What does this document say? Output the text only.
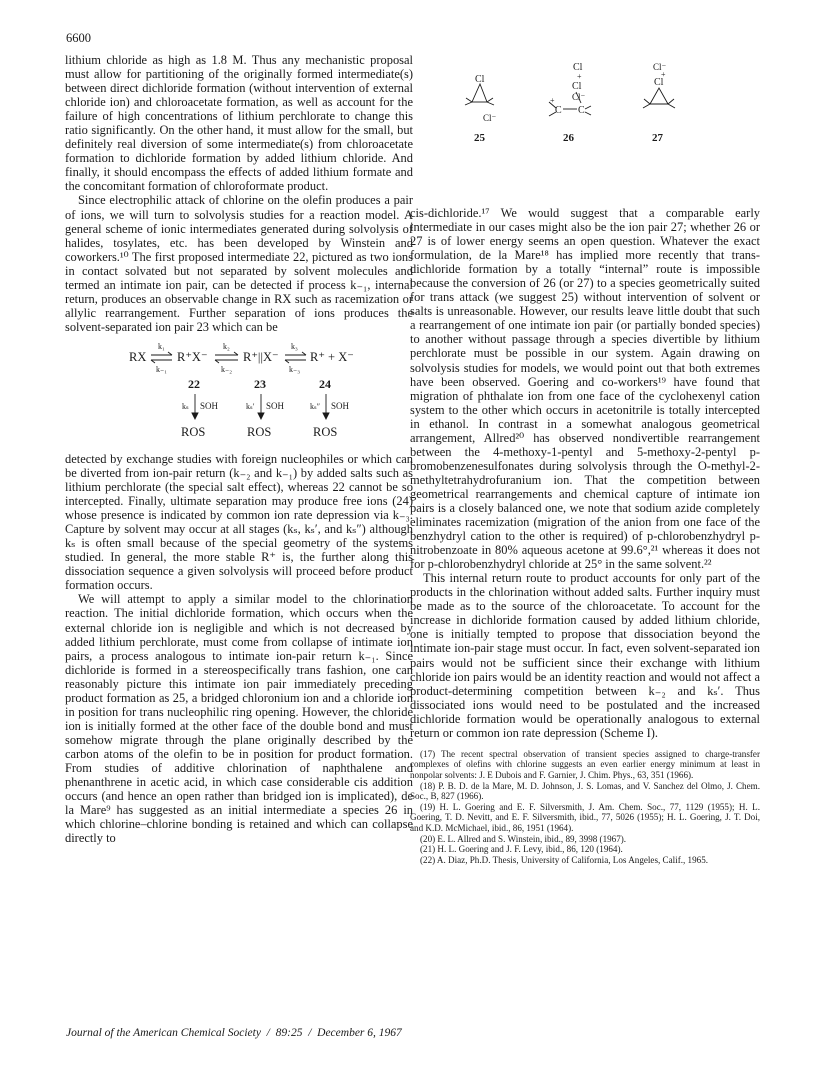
6600

lithium chloride as high as 1.8 M. Thus any mechanistic proposal must allow for partitioning of the originally formed intermediate(s) between direct dichloride formation (without intervention of external chloride ion) and chloroacetate formation, as well as account for the failure of high concentrations of lithium perchlorate to change this ratio significantly. On the other hand, it must allow for the small, but definitely real diversion of some intermediate(s) from chloroacetate formation to dichloride formation by added lithium chloride. And finally, it should encompass the effects of added lithium formate and the concomitant formation of chloroformate product.

Since electrophilic attack of chlorine on the olefin produces a pair of ions, we will turn to solvolysis studies for a reaction model. A general scheme of ionic intermediates generated during solvolysis of halides, tosylates, etc. has been developed by Winstein and coworkers.¹⁰ The first proposed intermediate 22, pictured as two ions in contact solvated but not separated by solvent molecules and termed an intimate ion pair, can be detected if process k₋₁, internal return, produces an observable change in RX such as racemization or allylic rearrangement. Further separation of ions produces the solvent-separated ion pair 23 which can be

RX R⁺X⁻	R⁺||X⁻	R⁺ + X⁻
k₁	k₂	k₃
k₋₁	k₋₂	k₋₃
22	23	24
kₛ	kₛ′	kₛ″
SOH	SOH	SOH
ROS	ROS	ROS

detected by exchange studies with foreign nucleophiles or which can be diverted from ion-pair return (k₋₂ and k₋₁) by added salts such as lithium perchlorate (the special salt effect), whereas 22 cannot be so intercepted. Finally, ultimate separation may produce free ions (24) whose presence is indicated by common ion rate depression via k₋₃. Capture by solvent may occur at all stages (kₛ, kₛ′, and kₛ″) although kₛ is often small because of the special geometry of the systems studied. In general, the more stable R⁺ is, the further along this dissociation sequence a given solvolysis will proceed before product formation occurs.

We will attempt to apply a similar model to the chlorination reaction. The initial dichloride formation, which occurs when the external chloride ion is negligible and which is not decreased by added lithium perchlorate, must come from collapse of intimate ion pairs, a process analogous to intimate ion-pair return k₋₁. Since dichloride is formed in a stereospecifically trans fashion, one can reasonably picture this intimate ion pair immediately preceding product formation as 25, a bridged chloronium ion and a chloride ion in position for trans nucleophilic ring opening. However, the chloride ion is initially formed at the other face of the double bond and must somehow migrate through the plane originally described by the carbon atoms of the olefin to be in position for product formation. From studies of additive chlorination of naphthalene and phenanthrene in acetic acid, in which case considerable cis addition occurs (and hence an open rather than bridged ion is implicated), de la Mare⁹ has suggested as an initial intermediate a species 26 in which chlorine–chlorine bonding is retained and which can collapse directly to

Cl⁻
Cl
25
Cl
+
Cl
Cl⁻
C C
+
26
Cl⁻
Cl
+
27

cis-dichloride.¹⁷ We would suggest that a comparable early intermediate in our cases might also be the ion pair 27; whether 26 or 27 is of lower energy seems an open question. Whatever the exact formulation, de la Mare¹⁸ has implied more recently that trans-dichloride formation by a totally “internal” route is impossible because the conversion of 26 (or 27) to a species geometrically suited for trans attack (we suggest 25) without intervention of solvent or salts is unreasonable. However, our results leave little doubt that such a rearrangement of one intimate ion pair (or partially bonded species) to another without passage through a species divertible by lithium perchlorate must be possible in our system. Again drawing on solvolysis studies for models, we would point out that both extremes have been observed. Goering and co-workers¹⁹ have found that migration of phthalate ion from one face of the cyclohexenyl cation system to the other which occurs in acetonitrile is totally intercepted in ethanol. In contrast in a somewhat analogous geometrical arrangement, Allred²⁰ has observed nondivertible rearrangement between the 4-methoxy-1-pentyl and 5-methoxy-2-pentyl p-bromobenzenesulfonates during solvolysis through the O-methyl-2-methyltetrahydrofuranium ion. That the competition between geometrical rearrangements and chemical capture of intimate ion pairs is a closely balanced one, we note that sodium azide completely eliminates racemization (migration of the anion from one face of the benzhydryl cation to the other is required) of p-chlorobenzhydryl p-nitrobenzoate in 80% aqueous acetone at 99.6°,²¹ whereas it does not for p-chlorobenzhydryl chloride at 25° in the same solvent.²²

This internal return route to product accounts for only part of the products in the chlorination without added salts. Further inquiry must be made as to the source of the chloroacetate. To account for the increase in dichloride formation caused by added lithium chloride, one is initially tempted to propose that dissociation beyond the intimate ion-pair stage must occur. In fact, even solvent-separated ion pairs would not be sufficient since their exchange with lithium chloride ion pairs would be an identity reaction and would not affect a product-determining competition between k₋₂ and kₛ′. Thus dissociated ions would need to be postulated and the increased dichloride formation would be operationally analogous to external return or common ion rate depression (Scheme I).

(17) The recent spectral observation of transient species assigned to charge-transfer complexes of olefins with chlorine suggests an even earlier energy minimum at least in nonpolar solvents: J. E Dubois and F. Garnier, J. Chim. Phys., 63, 351 (1966).

(18) P. B. D. de la Mare, M. D. Johnson, J. S. Lomas, and V. Sanchez del Olmo, J. Chem. Soc., B, 827 (1966).

(19) H. L. Goering and E. F. Silversmith, J. Am. Chem. Soc., 77, 1129 (1955); H. L. Goering, T. D. Nevitt, and E. F. Silversmith, ibid., 77, 5026 (1955); H. L. Goering, J. T. Doi, and K.D. McMichael, ibid., 86, 1951 (1964).

(20) E. L. Allred and S. Winstein, ibid., 89, 3998 (1967).

(21) H. L. Goering and J. F. Levy, ibid., 86, 120 (1964).

(22) A. Diaz, Ph.D. Thesis, University of California, Los Angeles, Calif., 1965.

Journal of the American Chemical Society  /  89:25  /  December 6, 1967
